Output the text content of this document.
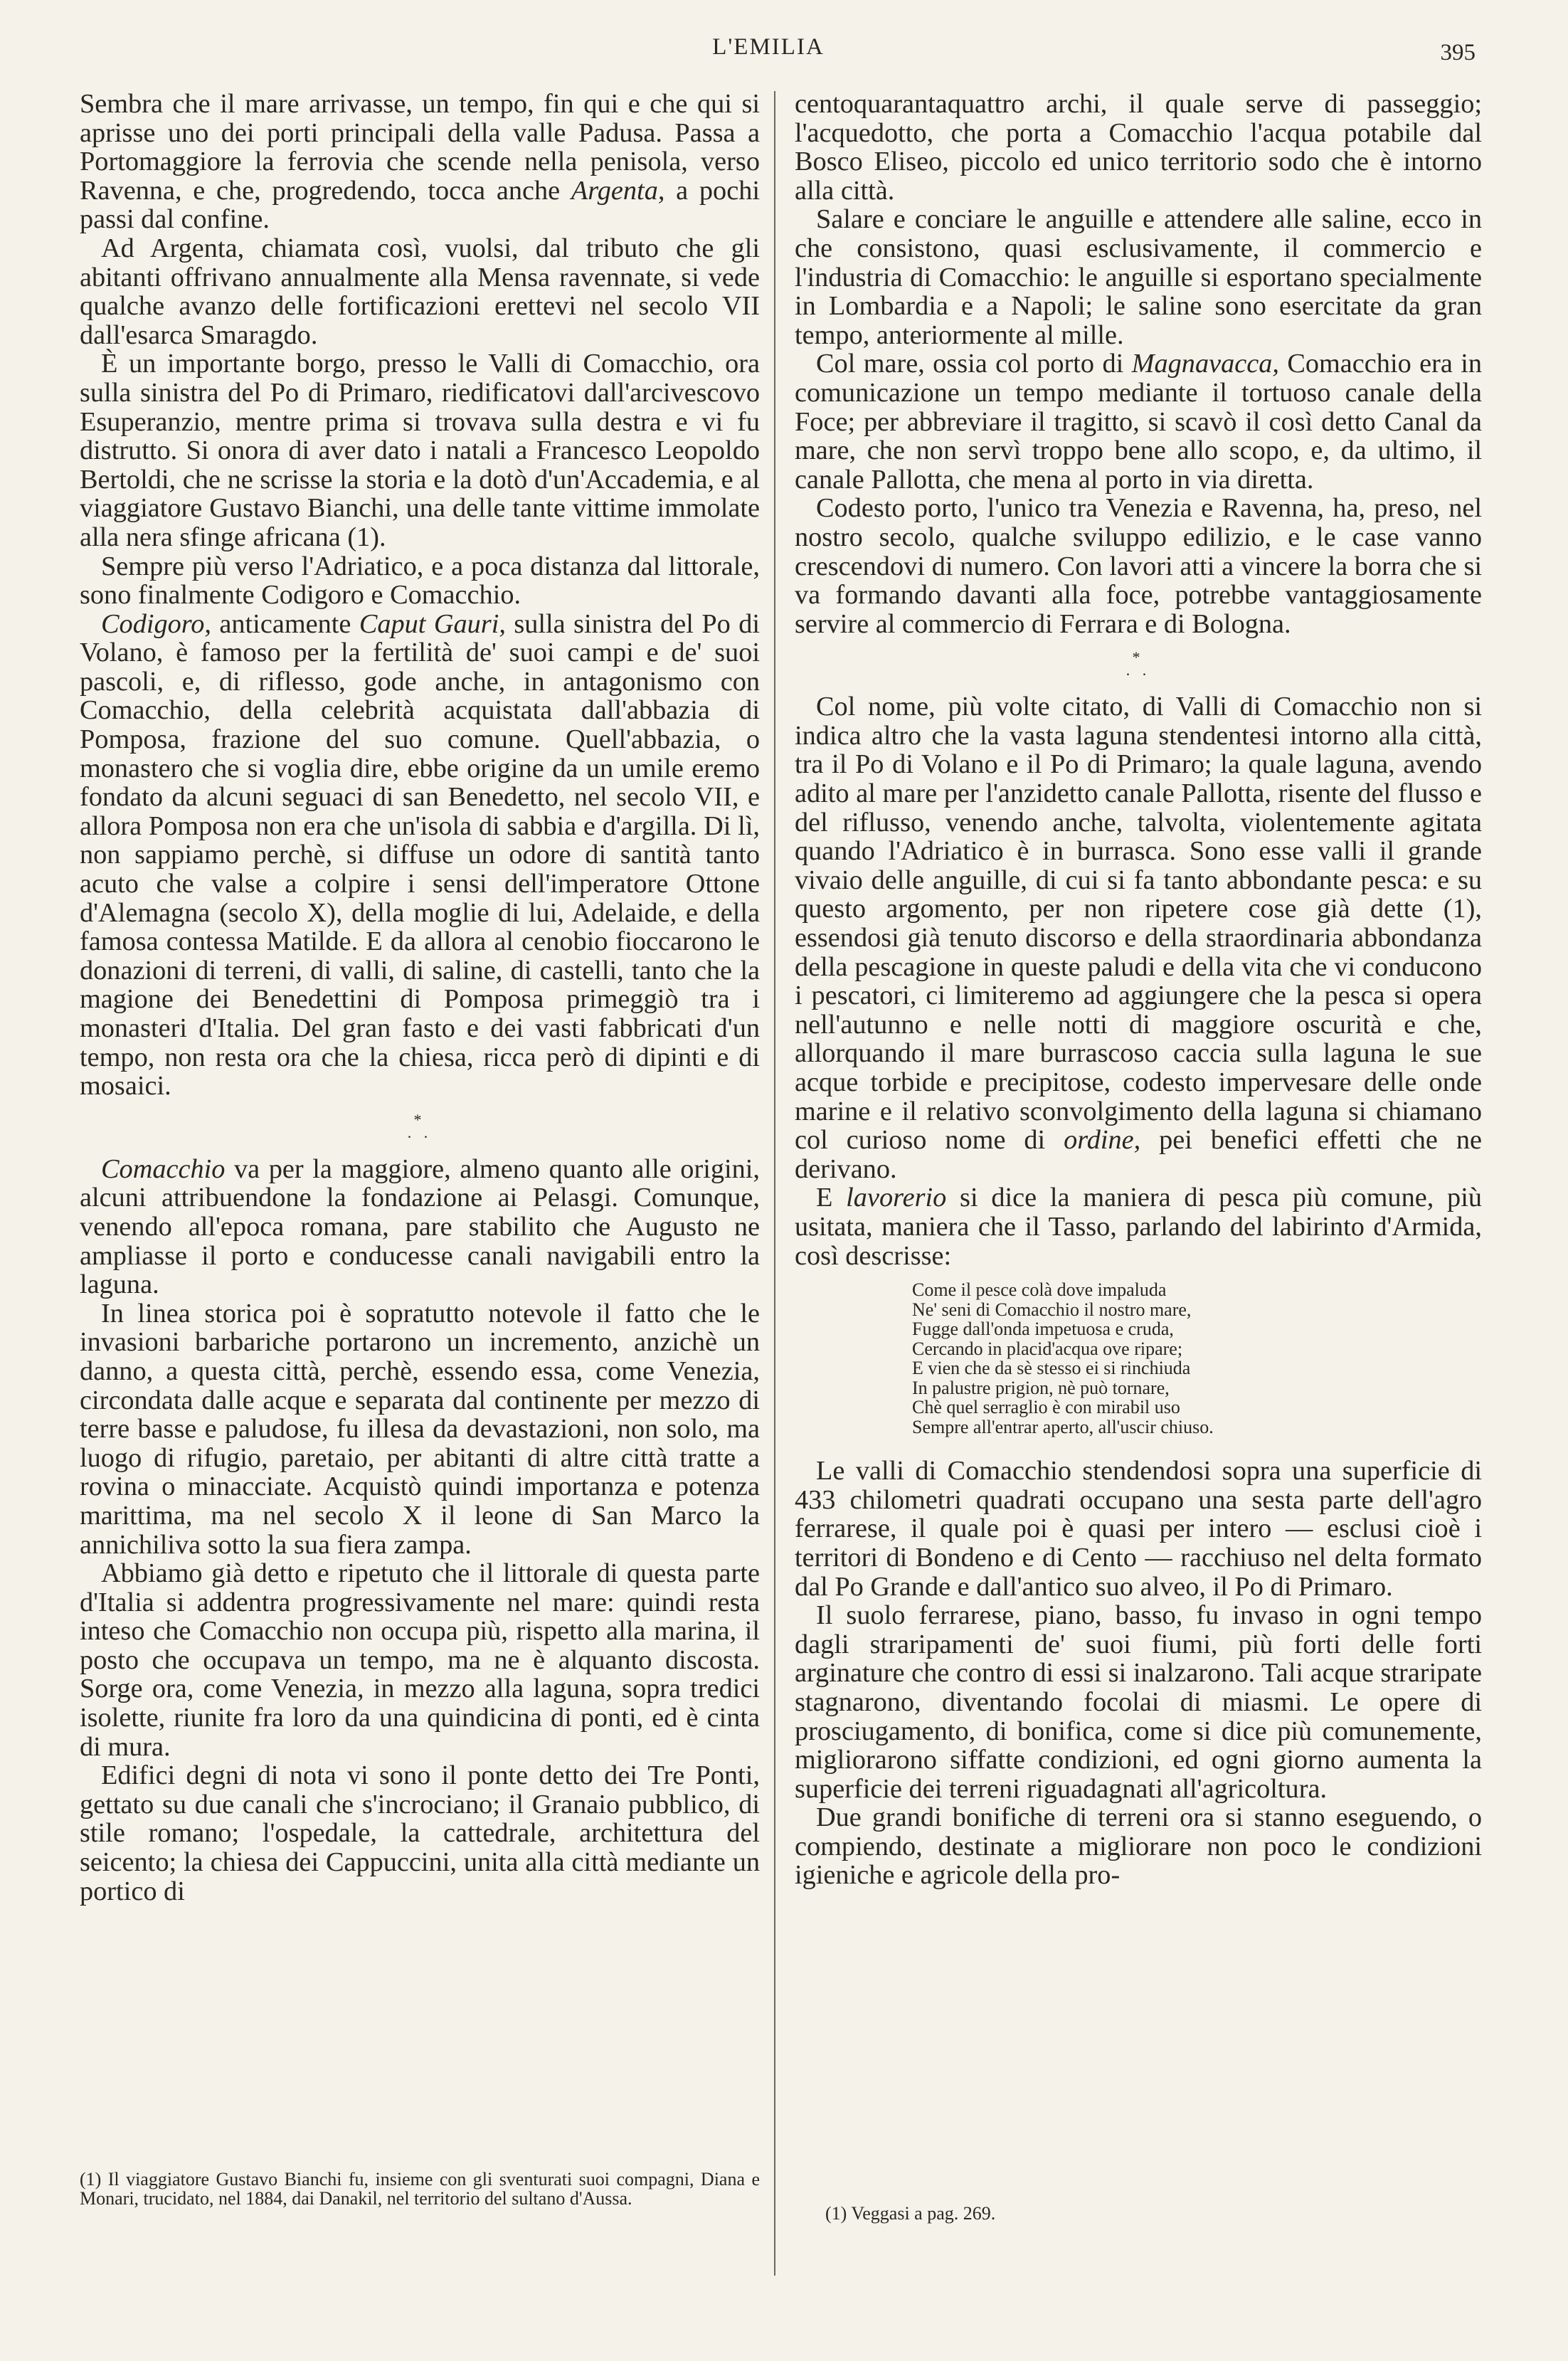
L'EMILIA	395

Sembra che il mare arrivasse, un tempo, fin qui e che qui si aprisse uno dei porti principali della valle Padusa. Passa a Portomaggiore la ferrovia che scende nella penisola, verso Ravenna, e che, progredendo, tocca anche Argenta, a pochi passi dal confine.

Ad Argenta, chiamata così, vuolsi, dal tributo che gli abitanti offrivano annualmente alla Mensa ravennate, si vede qualche avanzo delle fortificazioni erettevi nel secolo VII dall'esarca Smaragdo.

È un importante borgo, presso le Valli di Comacchio, ora sulla sinistra del Po di Primaro, riedificatovi dall'arcivescovo Esuperanzio, mentre prima si trovava sulla destra e vi fu distrutto. Si onora di aver dato i natali a Francesco Leopoldo Bertoldi, che ne scrisse la storia e la dotò d'un'Accademia, e al viaggiatore Gustavo Bianchi, una delle tante vittime immolate alla nera sfinge africana (1).

Sempre più verso l'Adriatico, e a poca distanza dal littorale, sono finalmente Codigoro e Comacchio.

Codigoro, anticamente Caput Gauri, sulla sinistra del Po di Volano, è famoso per la fertilità de' suoi campi e de' suoi pascoli, e, di riflesso, gode anche, in antagonismo con Comacchio, della celebrità acquistata dall'abbazia di Pomposa, frazione del suo comune. Quell'abbazia, o monastero che si voglia dire, ebbe origine da un umile eremo fondato da alcuni seguaci di san Benedetto, nel secolo VII, e allora Pomposa non era che un'isola di sabbia e d'argilla. Di lì, non sappiamo perchè, si diffuse un odore di santità tanto acuto che valse a colpire i sensi dell'imperatore Ottone d'Alemagna (secolo X), della moglie di lui, Adelaide, e della famosa contessa Matilde. E da allora al cenobio fioccarono le donazioni di terreni, di valli, di saline, di castelli, tanto che la magione dei Benedettini di Pomposa primeggiò tra i monasteri d'Italia. Del gran fasto e dei vasti fabbricati d'un tempo, non resta ora che la chiesa, ricca però di dipinti e di mosaici.

*
. .

Comacchio va per la maggiore, almeno quanto alle origini, alcuni attribuendone la fondazione ai Pelasgi. Comunque, venendo all'epoca romana, pare stabilito che Augusto ne ampliasse il porto e conducesse canali navigabili entro la laguna.

In linea storica poi è sopratutto notevole il fatto che le invasioni barbariche portarono un incremento, anzichè un danno, a questa città, perchè, essendo essa, come Venezia, circondata dalle acque e separata dal continente per mezzo di terre basse e paludose, fu illesa da devastazioni, non solo, ma luogo di rifugio, paretaio, per abitanti di altre città tratte a rovina o minacciate. Acquistò quindi importanza e potenza marittima, ma nel secolo X il leone di San Marco la annichiliva sotto la sua fiera zampa.

Abbiamo già detto e ripetuto che il littorale di questa parte d'Italia si addentra progressivamente nel mare: quindi resta inteso che Comacchio non occupa più, rispetto alla marina, il posto che occupava un tempo, ma ne è alquanto discosta. Sorge ora, come Venezia, in mezzo alla laguna, sopra tredici isolette, riunite fra loro da una quindicina di ponti, ed è cinta di mura.

Edifici degni di nota vi sono il ponte detto dei Tre Ponti, gettato su due canali che s'incrociano; il Granaio pubblico, di stile romano; l'ospedale, la cattedrale, architettura del seicento; la chiesa dei Cappuccini, unita alla città mediante un portico di

centoquarantaquattro archi, il quale serve di passeggio; l'acquedotto, che porta a Comacchio l'acqua potabile dal Bosco Eliseo, piccolo ed unico territorio sodo che è intorno alla città.

Salare e conciare le anguille e attendere alle saline, ecco in che consistono, quasi esclusivamente, il commercio e l'industria di Comacchio: le anguille si esportano specialmente in Lombardia e a Napoli; le saline sono esercitate da gran tempo, anteriormente al mille.

Col mare, ossia col porto di Magnavacca, Comacchio era in comunicazione un tempo mediante il tortuoso canale della Foce; per abbreviare il tragitto, si scavò il così detto Canal da mare, che non servì troppo bene allo scopo, e, da ultimo, il canale Pallotta, che mena al porto in via diretta.

Codesto porto, l'unico tra Venezia e Ravenna, ha, preso, nel nostro secolo, qualche sviluppo edilizio, e le case vanno crescendovi di numero. Con lavori atti a vincere la borra che si va formando davanti alla foce, potrebbe vantaggiosamente servire al commercio di Ferrara e di Bologna.

*
. .

Col nome, più volte citato, di Valli di Comacchio non si indica altro che la vasta laguna stendentesi intorno alla città, tra il Po di Volano e il Po di Primaro; la quale laguna, avendo adito al mare per l'anzidetto canale Pallotta, risente del flusso e del riflusso, venendo anche, talvolta, violentemente agitata quando l'Adriatico è in burrasca. Sono esse valli il grande vivaio delle anguille, di cui si fa tanto abbondante pesca: e su questo argomento, per non ripetere cose già dette (1), essendosi già tenuto discorso e della straordinaria abbondanza della pescagione in queste paludi e della vita che vi conducono i pescatori, ci limiteremo ad aggiungere che la pesca si opera nell'autunno e nelle notti di maggiore oscurità e che, allorquando il mare burrascoso caccia sulla laguna le sue acque torbide e precipitose, codesto impervesare delle onde marine e il relativo sconvolgimento della laguna si chiamano col curioso nome di ordine, pei benefici effetti che ne derivano.

E lavorerio si dice la maniera di pesca più comune, più usitata, maniera che il Tasso, parlando del labirinto d'Armida, così descrisse:

Come il pesce colà dove impaluda
Ne' seni di Comacchio il nostro mare,
Fugge dall'onda impetuosa e cruda,
Cercando in placid'acqua ove ripare;
E vien che da sè stesso ei si rinchiuda
In palustre prigion, nè può tornare,
Chè quel serraglio è con mirabil uso
Sempre all'entrar aperto, all'uscir chiuso.

Le valli di Comacchio stendendosi sopra una superficie di 433 chilometri quadrati occupano una sesta parte dell'agro ferrarese, il quale poi è quasi per intero — esclusi cioè i territori di Bondeno e di Cento — racchiuso nel delta formato dal Po Grande e dall'antico suo alveo, il Po di Primaro.

Il suolo ferrarese, piano, basso, fu invaso in ogni tempo dagli straripamenti de' suoi fiumi, più forti delle forti arginature che contro di essi si inalzarono. Tali acque straripate stagnarono, diventando focolai di miasmi. Le opere di prosciugamento, di bonifica, come si dice più comunemente, migliorarono siffatte condizioni, ed ogni giorno aumenta la superficie dei terreni riguadagnati all'agricoltura.

Due grandi bonifiche di terreni ora si stanno eseguendo, o compiendo, destinate a migliorare non poco le condizioni igieniche e agricole della pro-

(1) Il viaggiatore Gustavo Bianchi fu, insieme con gli sventurati suoi compagni, Diana e Monari, trucidato, nel 1884, dai Danakil, nel territorio del sultano d'Aussa.
(1) Veggasi a pag. 269.
